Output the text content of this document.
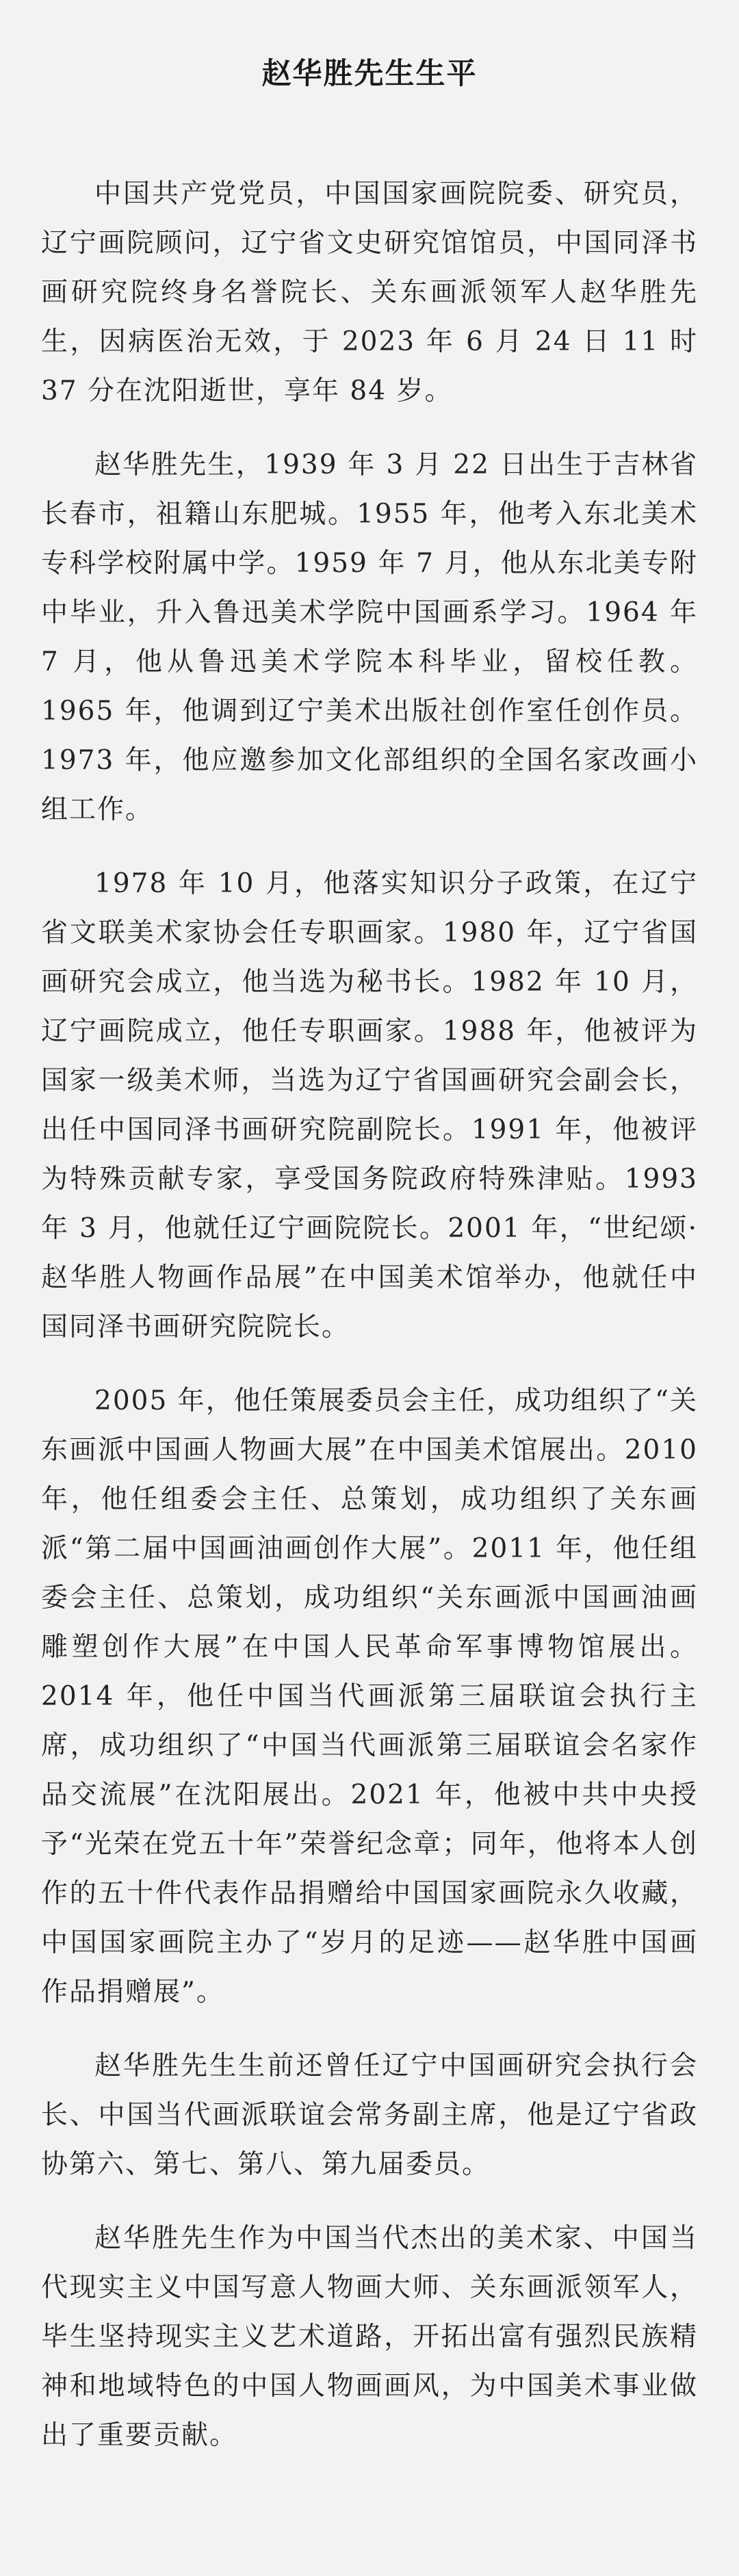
赵华胜先生生平

中国共产党党员，中国国家画院院委、研究员，辽宁画院顾问，辽宁省文史研究馆馆员，中国同泽书画研究院终身名誉院长、关东画派领军人赵华胜先生，因病医治无效，于 2023 年 6 月 24 日 11 时 37 分在沈阳逝世，享年 84 岁。

赵华胜先生，1939 年 3 月 22 日出生于吉林省长春市，祖籍山东肥城。1955 年，他考入东北美术专科学校附属中学。1959 年 7 月，他从东北美专附中毕业，升入鲁迅美术学院中国画系学习。1964 年 7 月，他从鲁迅美术学院本科毕业，留校任教。1965 年，他调到辽宁美术出版社创作室任创作员。1973 年，他应邀参加文化部组织的全国名家改画小组工作。

1978 年 10 月，他落实知识分子政策，在辽宁省文联美术家协会任专职画家。1980 年，辽宁省国画研究会成立，他当选为秘书长。1982 年 10 月，辽宁画院成立，他任专职画家。1988 年，他被评为国家一级美术师，当选为辽宁省国画研究会副会长，出任中国同泽书画研究院副院长。1991 年，他被评为特殊贡献专家，享受国务院政府特殊津贴。1993 年 3 月，他就任辽宁画院院长。2001 年，“世纪颂·赵华胜人物画作品展”在中国美术馆举办，他就任中国同泽书画研究院院长。

2005 年，他任策展委员会主任，成功组织了“关东画派中国画人物画大展”在中国美术馆展出。2010 年，他任组委会主任、总策划，成功组织了关东画派“第二届中国画油画创作大展”。2011 年，他任组委会主任、总策划，成功组织“关东画派中国画油画雕塑创作大展”在中国人民革命军事博物馆展出。2014 年，他任中国当代画派第三届联谊会执行主席，成功组织了“中国当代画派第三届联谊会名家作品交流展”在沈阳展出。2021 年，他被中共中央授予“光荣在党五十年”荣誉纪念章；同年，他将本人创作的五十件代表作品捐赠给中国国家画院永久收藏，中国国家画院主办了“岁月的足迹——赵华胜中国画作品捐赠展”。

赵华胜先生生前还曾任辽宁中国画研究会执行会长、中国当代画派联谊会常务副主席，他是辽宁省政协第六、第七、第八、第九届委员。

赵华胜先生作为中国当代杰出的美术家、中国当代现实主义中国写意人物画大师、关东画派领军人，毕生坚持现实主义艺术道路，开拓出富有强烈民族精神和地域特色的中国人物画画风，为中国美术事业做出了重要贡献。
